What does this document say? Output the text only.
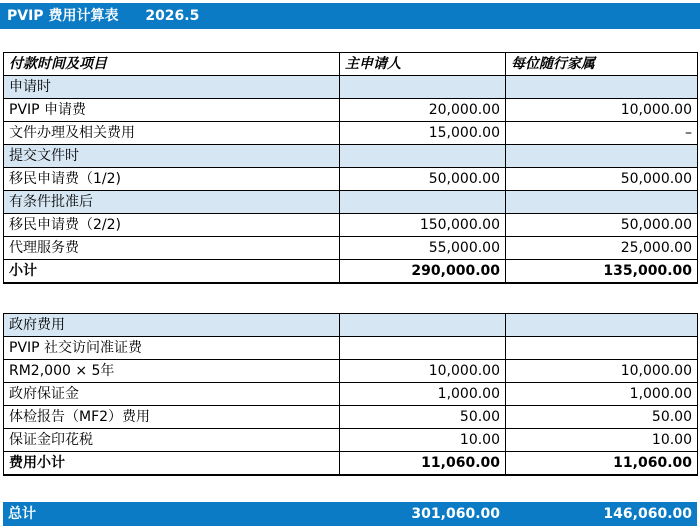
PVIP 费用计算表 2026.5
付款时间及项目	主申请人	每位随行家属
申请时		
PVIP 申请费	20,000.00	10,000.00
文件办理及相关费用	15,000.00	–
提交文件时		
移民申请费（1/2)	50,000.00	50,000.00
有条件批准后		
移民申请费（2/2)	150,000.00	50,000.00
代理服务费	55,000.00	25,000.00
小计	290,000.00	135,000.00
政府费用		
PVIP 社交访问准证费		
RM2,000 × 5年	10,000.00	10,000.00
政府保证金	1,000.00	1,000.00
体检报告（MF2）费用	50.00	50.00
保证金印花税	10.00	10.00
费用小计	11,060.00	11,060.00
总计	301,060.00	146,060.00
